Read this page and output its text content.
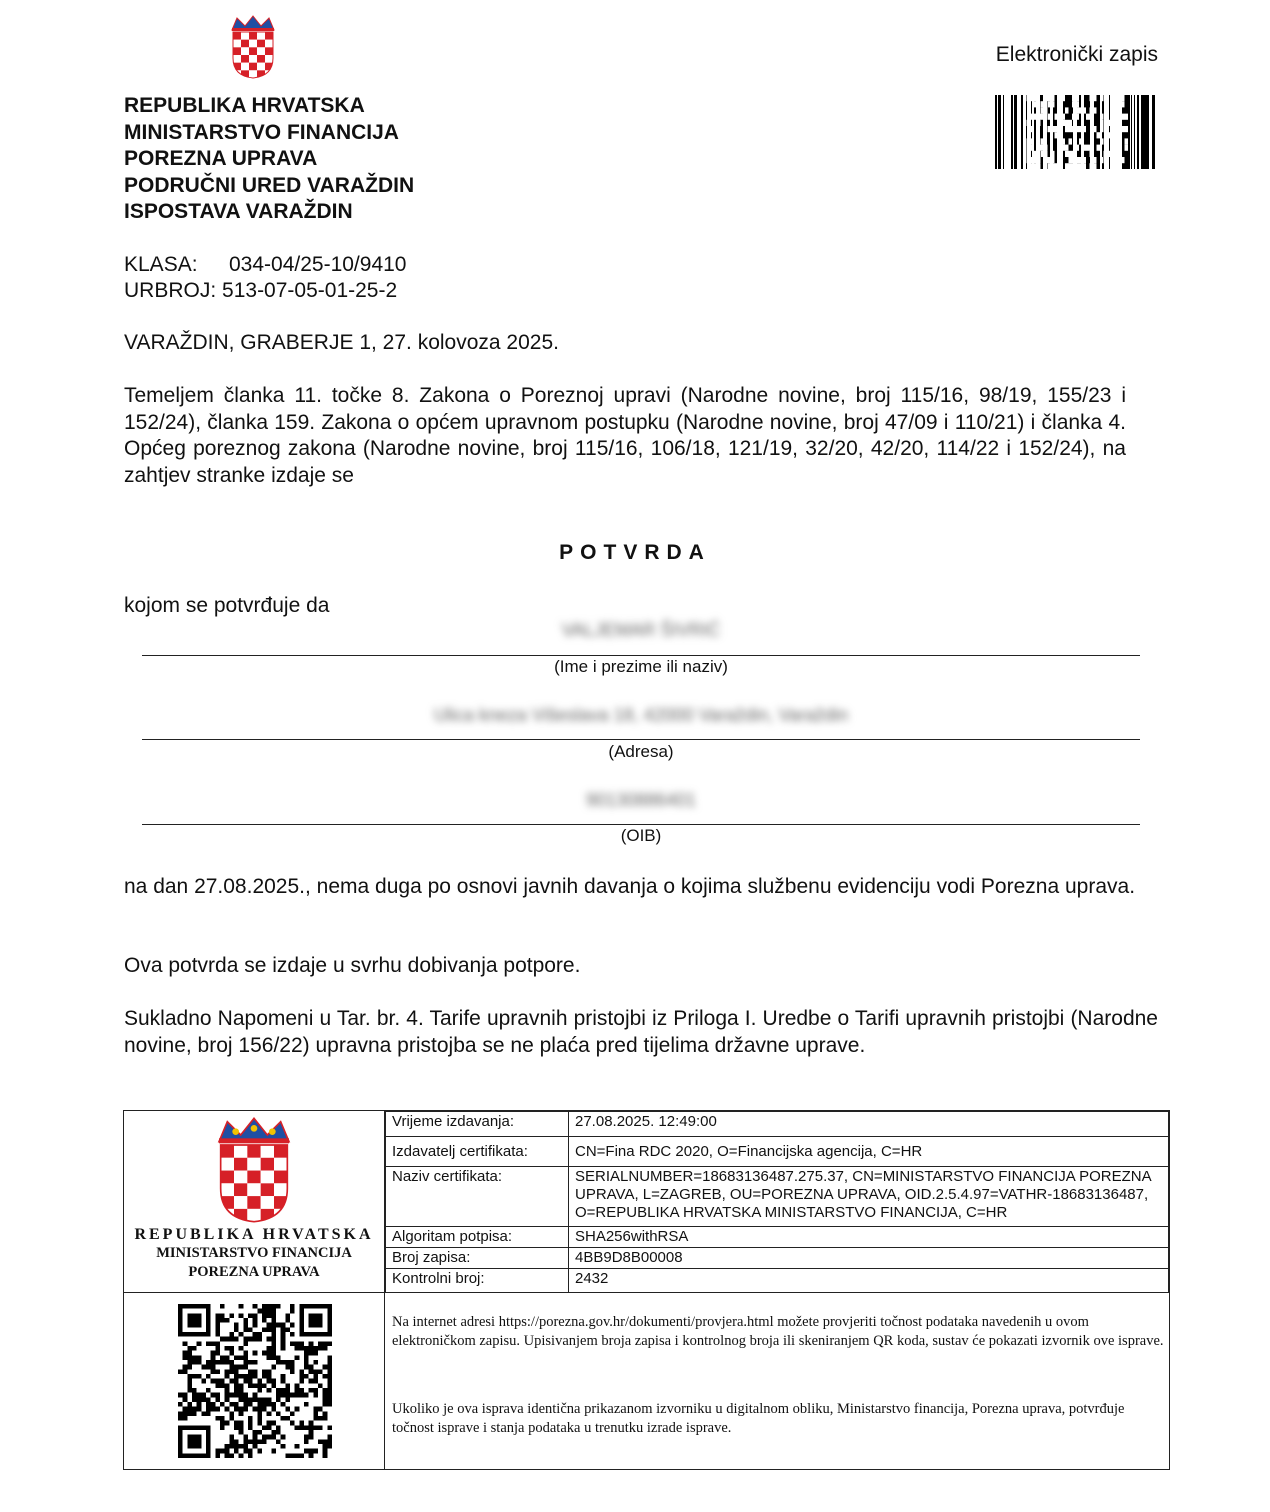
REPUBLIKA HRVATSKA
MINISTARSTVO FINANCIJA
POREZNA UPRAVA
PODRUČNI URED VARAŽDIN
ISPOSTAVA VARAŽDIN
Elektronički zapis
KLASA: 034-04/25-10/9410
URBROJ: 513-07-05-01-25-2
VARAŽDIN, GRABERJE 1, 27. kolovoza 2025.
Temeljem članka 11. točke 8. Zakona o Poreznoj upravi (Narodne novine, broj 115/16, 98/19, 155/23 i 152/24), članka 159. Zakona o općem upravnom postupku (Narodne novine, broj 47/09 i 110/21) i članka 4. Općeg poreznog zakona (Narodne novine, broj 115/16, 106/18, 121/19, 32/20, 42/20, 114/22 i 152/24), na zahtjev stranke izdaje se
POTVRDA
kojom se potvrđuje da
VALJEMAR ŠIVRIĆ
(Ime i prezime ili naziv)
Ulica kneza Višeslava 18, 42000 Varaždin, Varaždin
(Adresa)
90130886401
(OIB)
na dan 27.08.2025., nema duga po osnovi javnih davanja o kojima službenu evidenciju vodi Porezna uprava.
Ova potvrda se izdaje u svrhu dobivanja potpore.
Sukladno Napomeni u Tar. br. 4. Tarife upravnih pristojbi iz Priloga I. Uredbe o Tarifi upravnih pristojbi (Narodne novine, broj 156/22) upravna pristojba se ne plaća pred tijelima državne uprave.
REPUBLIKA HRVATSKA
MINISTARSTVO FINANCIJA
POREZNA UPRAVA
Vrijeme izdavanja:	27.08.2025. 12:49:00
Izdavatelj certifikata:	CN=Fina RDC 2020, O=Financijska agencija, C=HR
Naziv certifikata:	SERIALNUMBER=18683136487.275.37, CN=MINISTARSTVO FINANCIJA POREZNA UPRAVA, L=ZAGREB, OU=POREZNA UPRAVA, OID.2.5.4.97=VATHR-18683136487, O=REPUBLIKA HRVATSKA MINISTARSTVO FINANCIJA, C=HR
Algoritam potpisa:	SHA256withRSA
Broj zapisa:	4BB9D8B00008
Kontrolni broj:	2432
Na internet adresi https://porezna.gov.hr/dokumenti/provjera.html možete provjeriti točnost podataka navedenih u ovom elektroničkom zapisu. Upisivanjem broja zapisa i kontrolnog broja ili skeniranjem QR koda, sustav će pokazati izvornik ove isprave.
Ukoliko je ova isprava identična prikazanom izvorniku u digitalnom obliku, Ministarstvo financija, Porezna uprava, potvrđuje točnost isprave i stanja podataka u trenutku izrade isprave.
